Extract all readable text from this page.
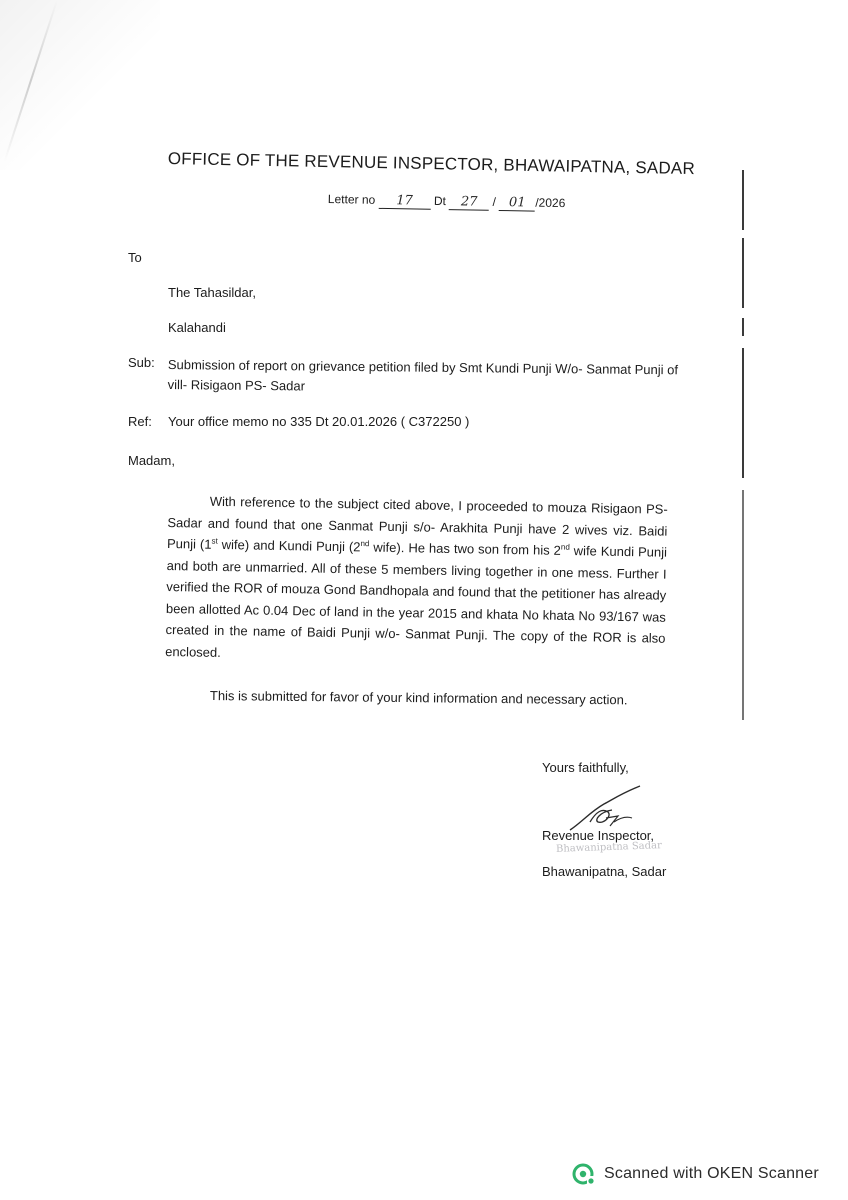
OFFICE OF THE REVENUE INSPECTOR, BHAWAIPATNA, SADAR
Letter no 17 Dt 27 / 01 /2026
To
The Tahasildar,
Kalahandi
Sub: Submission of report on grievance petition filed by Smt Kundi Punji W/o- Sanmat Punji of vill- Risigaon PS- Sadar
Ref: Your office memo no 335 Dt 20.01.2026 ( C372250 )
Madam,
With reference to the subject cited above, I proceeded to mouza Risigaon PS- Sadar and found that one Sanmat Punji s/o- Arakhita Punji have 2 wives viz. Baidi Punji (1st wife) and Kundi Punji (2nd wife). He has two son from his 2nd wife Kundi Punji and both are unmarried. All of these 5 members living together in one mess. Further I verified the ROR of mouza Gond Bandhopala and found that the petitioner has already been allotted Ac 0.04 Dec of land in the year 2015 and khata No khata No 93/167 was created in the name of Baidi Punji w/o- Sanmat Punji. The copy of the ROR is also enclosed.
This is submitted for favor of your kind information and necessary action.
Yours faithfully,
Revenue Inspector,
Bhawanipatna Sadar
Bhawanipatna, Sadar
Scanned with OKEN Scanner
